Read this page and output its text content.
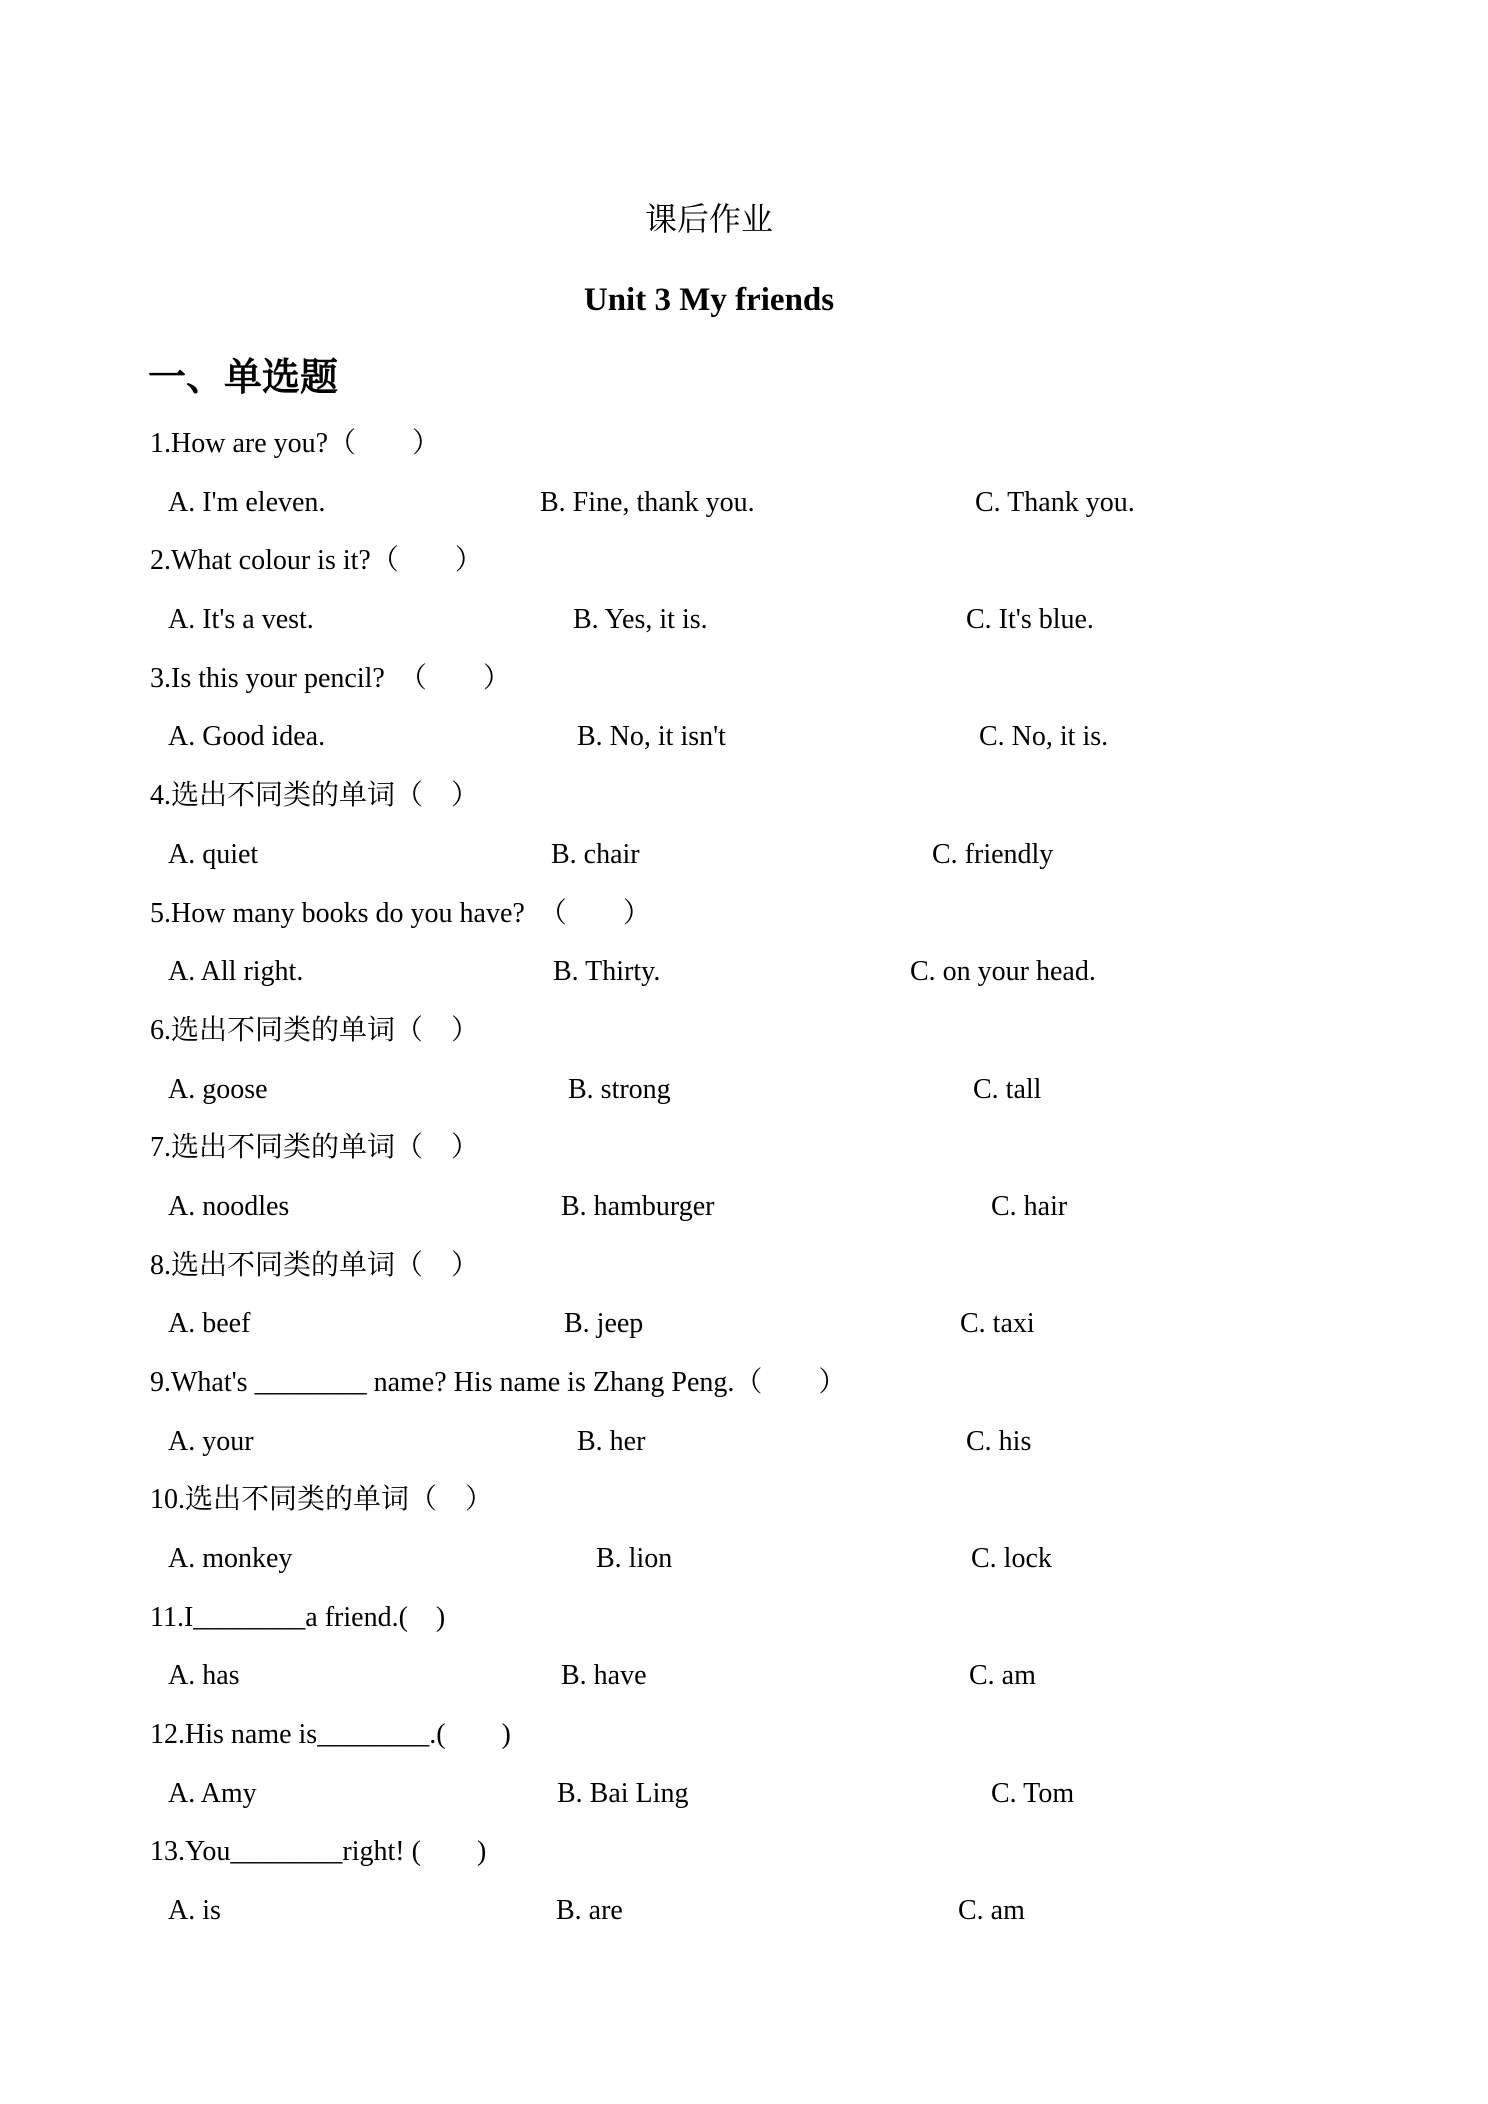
课后作业
Unit 3 My friends
一、单选题
1.How are you?（　　）
A. I'm eleven.	B. Fine, thank you.	C. Thank you.
2.What colour is it?（　　）
A. It's a vest.	B. Yes, it is.	C. It's blue.
3.Is this your pencil?　（　　）
A. Good idea.	B. No, it isn't	C. No, it is.
4.选出不同类的单词（　）
A. quiet	B. chair	C. friendly
5.How many books do you have?　（　　）
A. All right.	B. Thirty.	C. on your head.
6.选出不同类的单词（　）
A. goose	B. strong	C. tall
7.选出不同类的单词（　）
A. noodles	B. hamburger	C. hair
8.选出不同类的单词（　）
A. beef	B. jeep	C. taxi
9.What's ________ name? His name is Zhang Peng.（　　）
A. your	B. her	C. his
10.选出不同类的单词（　）
A. monkey	B. lion	C. lock
11.I________a friend.(　)
A. has	B. have	C. am
12.His name is________.(　　)
A. Amy	B. Bai Ling	C. Tom
13.You________right! (　　)
A. is	B. are	C. am
